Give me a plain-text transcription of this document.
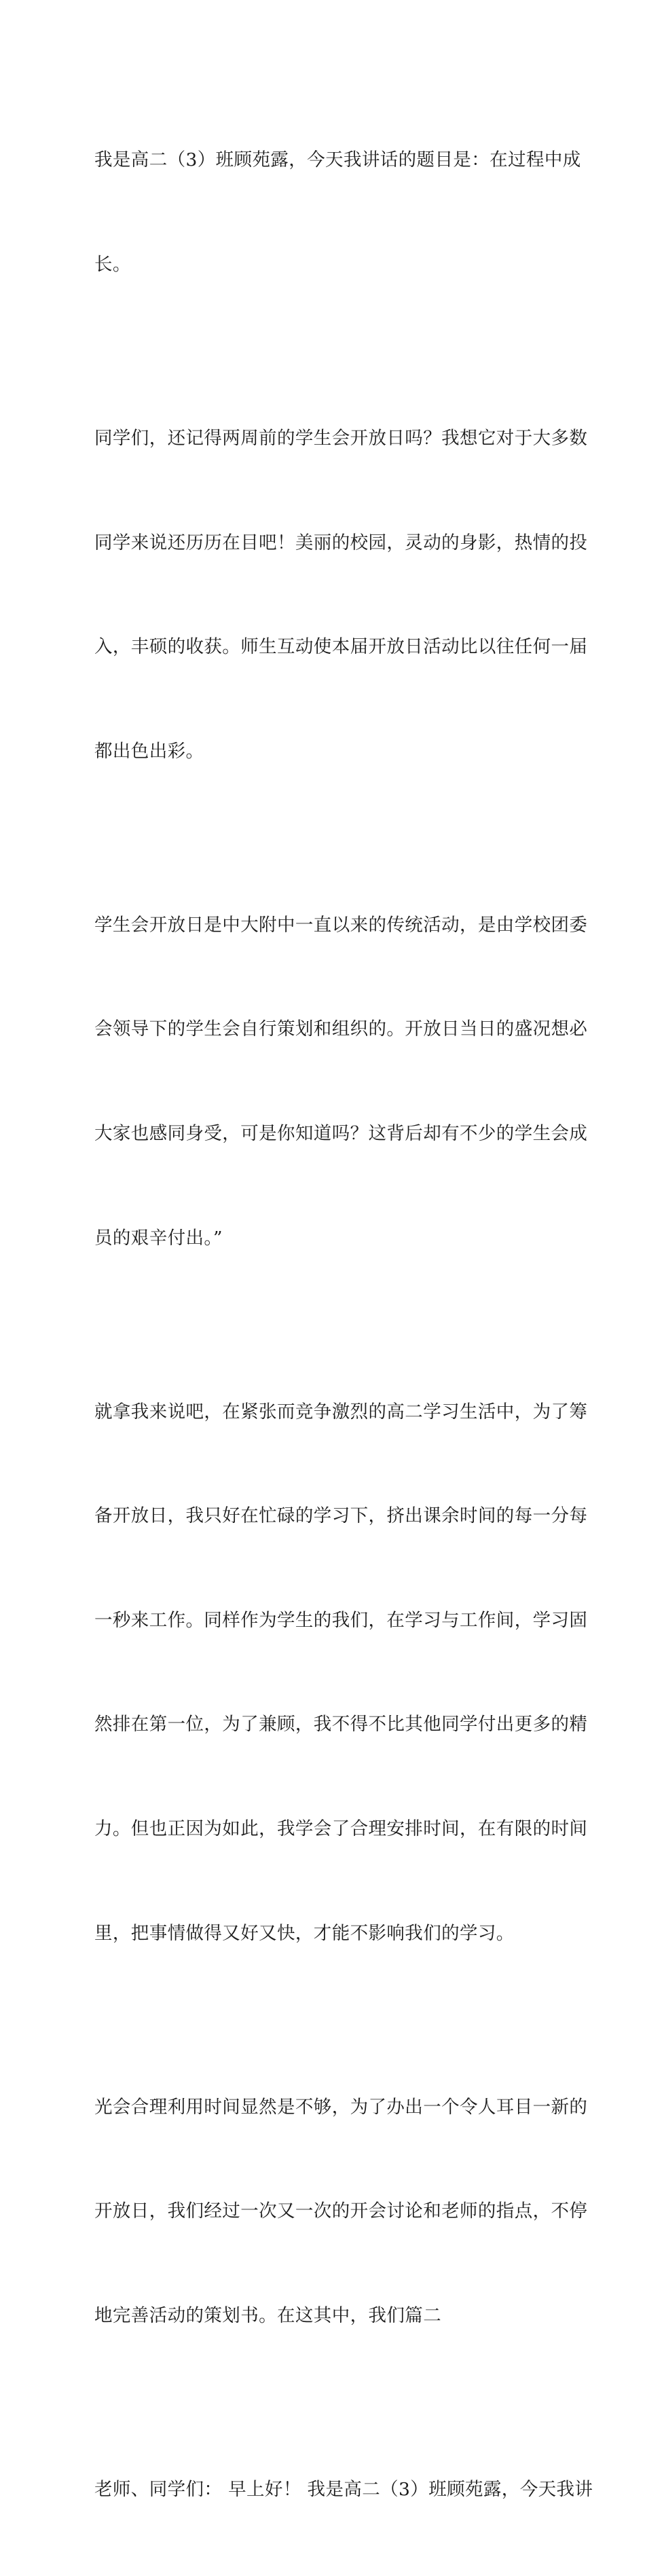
我是高二（3）班顾苑露，今天我讲话的题目是：在过程中成

长。

同学们，还记得两周前的学生会开放日吗？我想它对于大多数

同学来说还历历在目吧！美丽的校园，灵动的身影，热情的投

入，丰硕的收获。师生互动使本届开放日活动比以往任何一届

都出色出彩。

学生会开放日是中大附中一直以来的传统活动，是由学校团委

会领导下的学生会自行策划和组织的。开放日当日的盛况想必

大家也感同身受，可是你知道吗？这背后却有不少的学生会成

员的艰辛付出。”

就拿我来说吧，在紧张而竞争激烈的高二学习生活中，为了筹

备开放日，我只好在忙碌的学习下，挤出课余时间的每一分每

一秒来工作。同样作为学生的我们，在学习与工作间，学习固

然排在第一位，为了兼顾，我不得不比其他同学付出更多的精

力。但也正因为如此，我学会了合理安排时间，在有限的时间

里，把事情做得又好又快，才能不影响我们的学习。

光会合理利用时间显然是不够，为了办出一个令人耳目一新的

开放日，我们经过一次又一次的开会讨论和老师的指点，不停

地完善活动的策划书。在这其中，我们篇二

老师、同学们： 早上好！ 我是高二（3）班顾苑露，今天我讲
